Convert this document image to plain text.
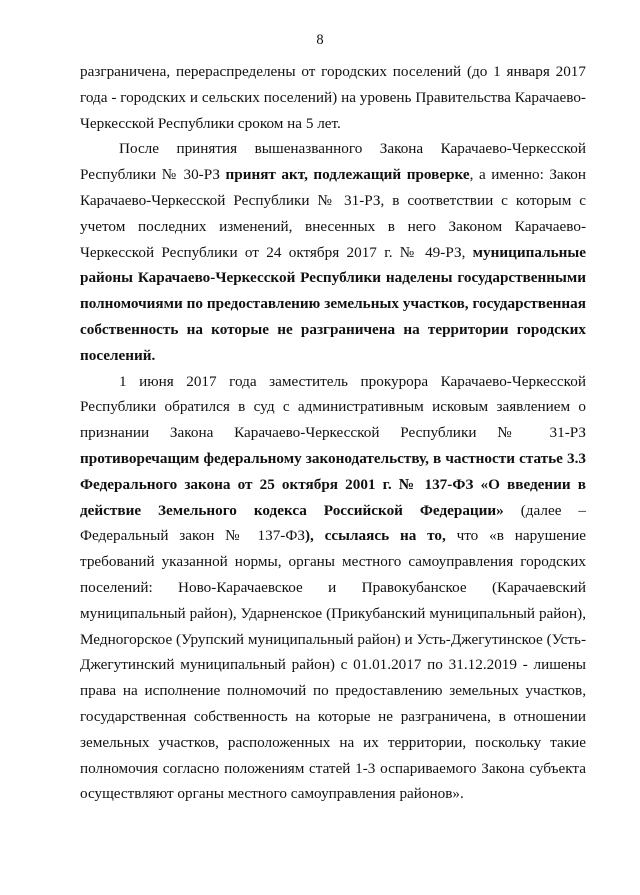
8

разграничена, перераспределены от городских поселений (до 1 января 2017 года - городских и сельских поселений) на уровень Правительства Карачаево-Черкесской Республики сроком на 5 лет.

После принятия вышеназванного Закона Карачаево-Черкесской Республики № 30-РЗ принят акт, подлежащий проверке, а именно: Закон Карачаево-Черкесской Республики № 31-РЗ, в соответствии с которым с учетом последних изменений, внесенных в него Законом Карачаево-Черкесской Республики от 24 октября 2017 г. № 49-РЗ, муниципальные районы Карачаево-Черкесской Республики наделены государственными полномочиями по предоставлению земельных участков, государственная собственность на которые не разграничена на территории городских поселений.

1 июня 2017 года заместитель прокурора Карачаево-Черкесской Республики обратился в суд с административным исковым заявлением о признании Закона Карачаево-Черкесской Республики № 31-РЗ противоречащим федеральному законодательству, в частности статье 3.3 Федерального закона от 25 октября 2001 г. № 137-ФЗ «О введении в действие Земельного кодекса Российской Федерации» (далее – Федеральный закон № 137-ФЗ), ссылаясь на то, что «в нарушение требований указанной нормы, органы местного самоуправления городских поселений: Ново-Карачаевское и Правокубанское (Карачаевский муниципальный район), Ударненское (Прикубанский муниципальный район), Медногорское (Урупский муниципальный район) и Усть-Джегутинское (Усть-Джегутинский муниципальный район) с 01.01.2017 по 31.12.2019 - лишены права на исполнение полномочий по предоставлению земельных участков, государственная собственность на которые не разграничена, в отношении земельных участков, расположенных на их территории, поскольку такие полномочия согласно положениям статей 1-3 оспариваемого Закона субъекта осуществляют органы местного самоуправления районов».
